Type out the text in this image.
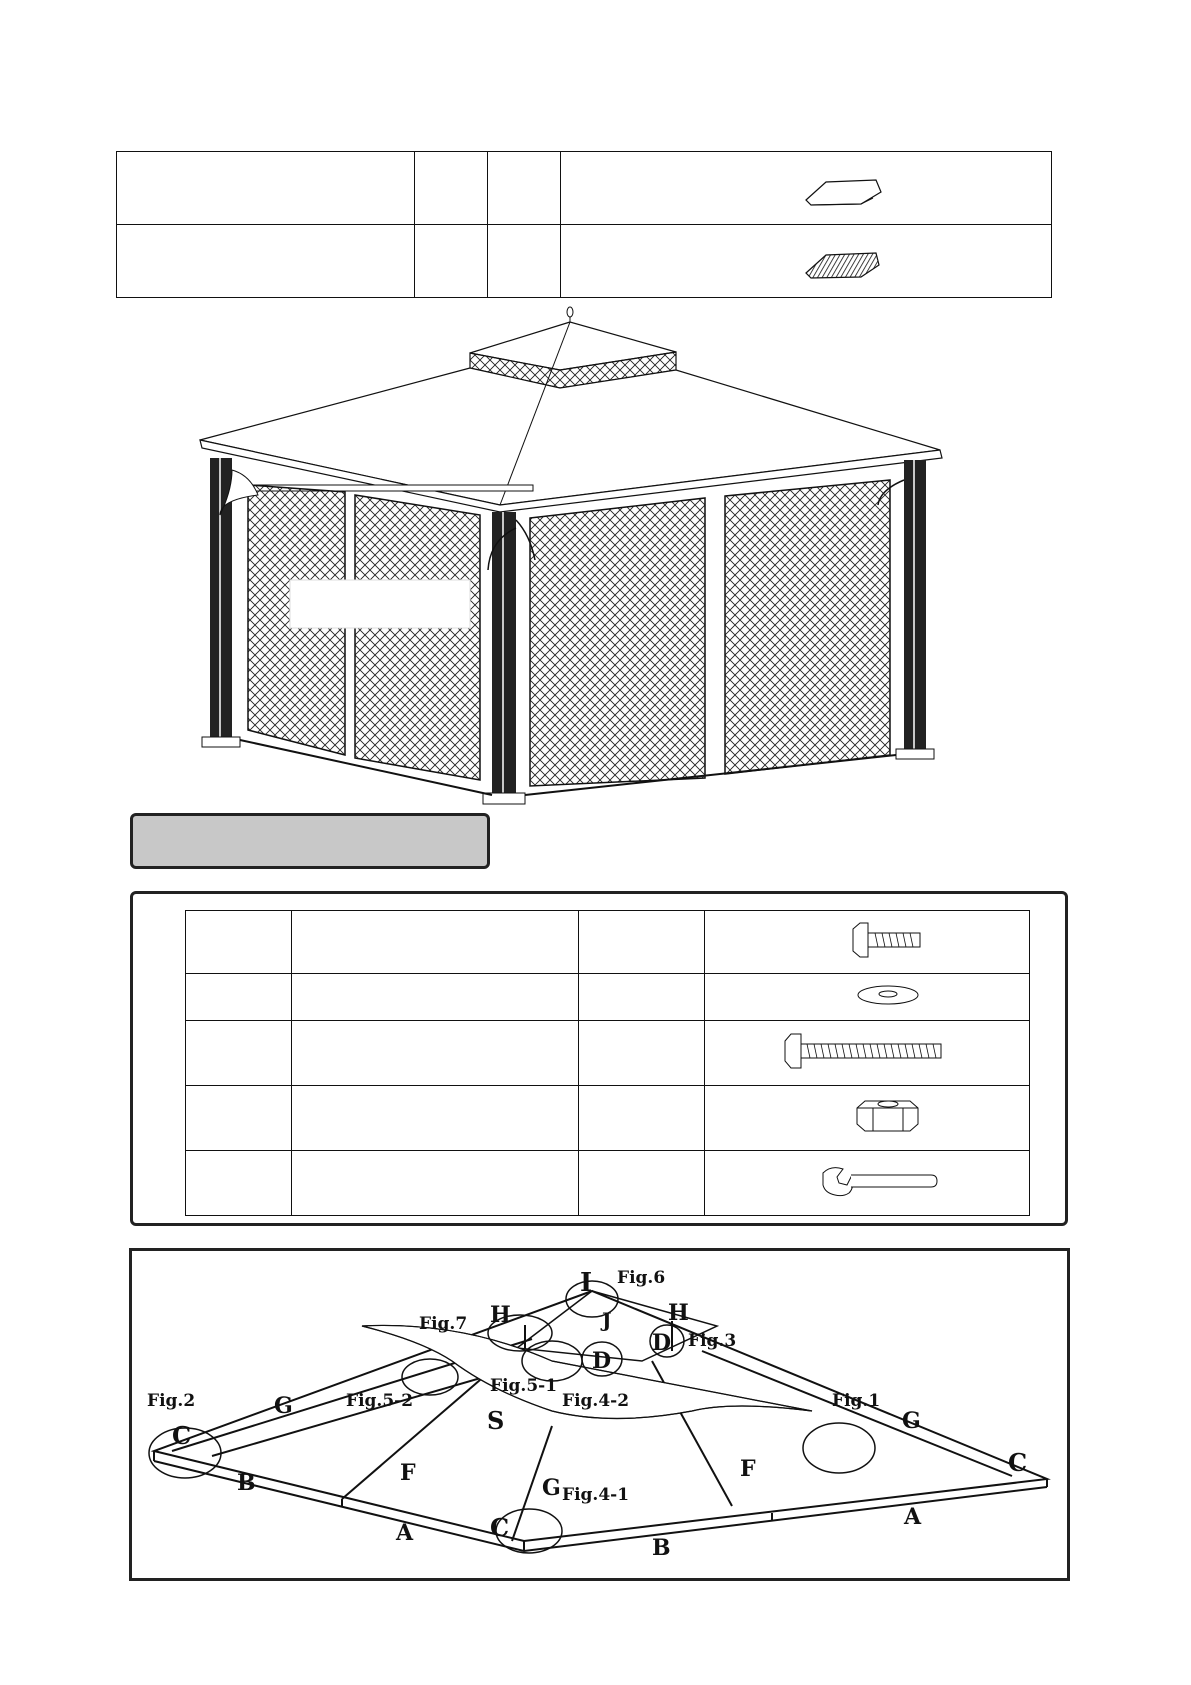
Fig.2	Fig.5-2
Fig.7
Fig.6
Fig.3
Fig.5-1
Fig.4-2
Fig.4-1
Fig.1
C
G
B	F
A
S
C
G
B
F
A
G
C
H	H
I
J
D
D
